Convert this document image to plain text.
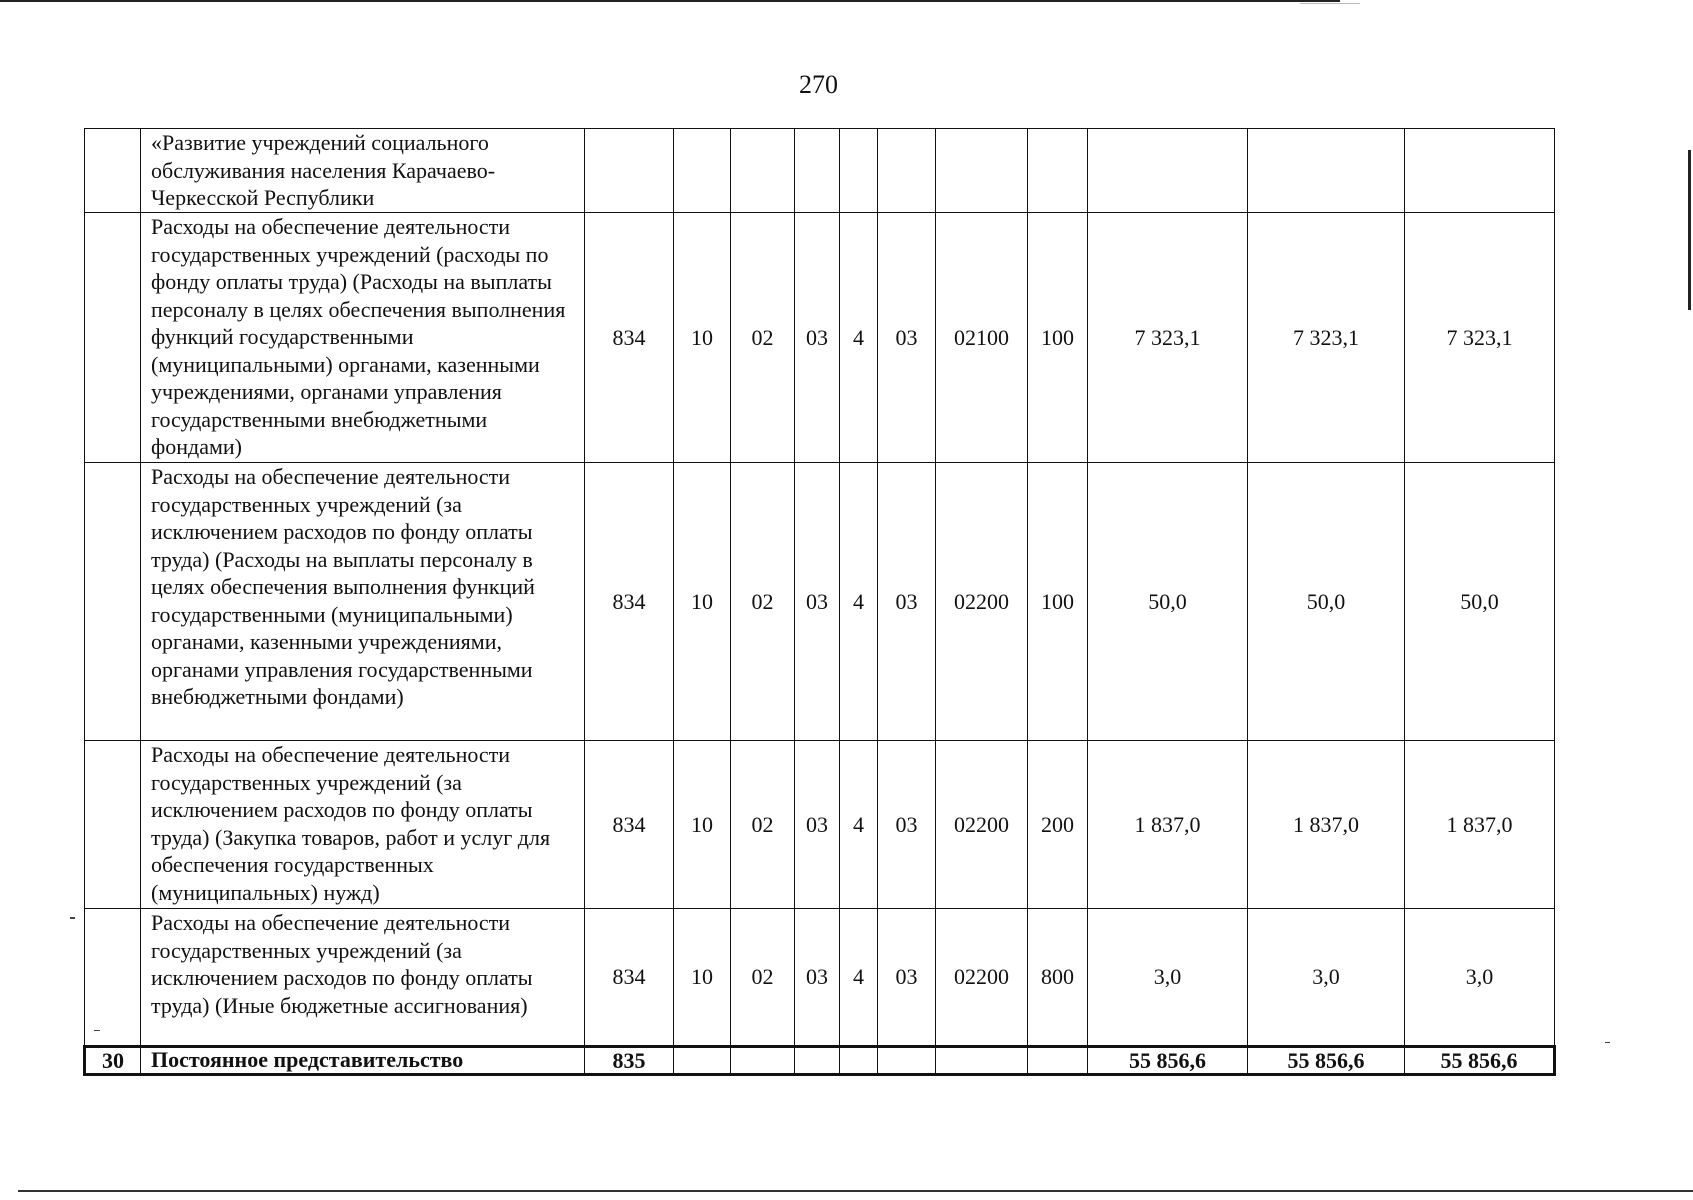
270
	«Развитие учреждений социального обслуживания населения Карачаево-Черкесской Республики											
	Расходы на обеспечение деятельности государственных учреждений (расходы по фонду оплаты труда) (Расходы на выплаты персоналу в целях обеспечения выполнения функций государственными (муниципальными) органами, казенными учреждениями, органами управления государственными внебюджетными фондами)	834	10	02	03	4	03	02100	100	7 323,1	7 323,1	7 323,1
	Расходы на обеспечение деятельности государственных учреждений (за исключением расходов по фонду оплаты труда) (Расходы на выплаты персоналу в целях обеспечения выполнения функций государственными (муниципальными) органами, казенными учреждениями, органами управления государственными внебюджетными фондами)	834	10	02	03	4	03	02200	100	50,0	50,0	50,0
	Расходы на обеспечение деятельности государственных учреждений (за исключением расходов по фонду оплаты труда) (Закупка товаров, работ и услуг для обеспечения государственных (муниципальных) нужд)	834	10	02	03	4	03	02200	200	1 837,0	1 837,0	1 837,0
	Расходы на обеспечение деятельности государственных учреждений (за исключением расходов по фонду оплаты труда) (Иные бюджетные ассигнования)	834	10	02	03	4	03	02200	800	3,0	3,0	3,0
30	Постоянное представительство	835								55 856,6	55 856,6	55 856,6
